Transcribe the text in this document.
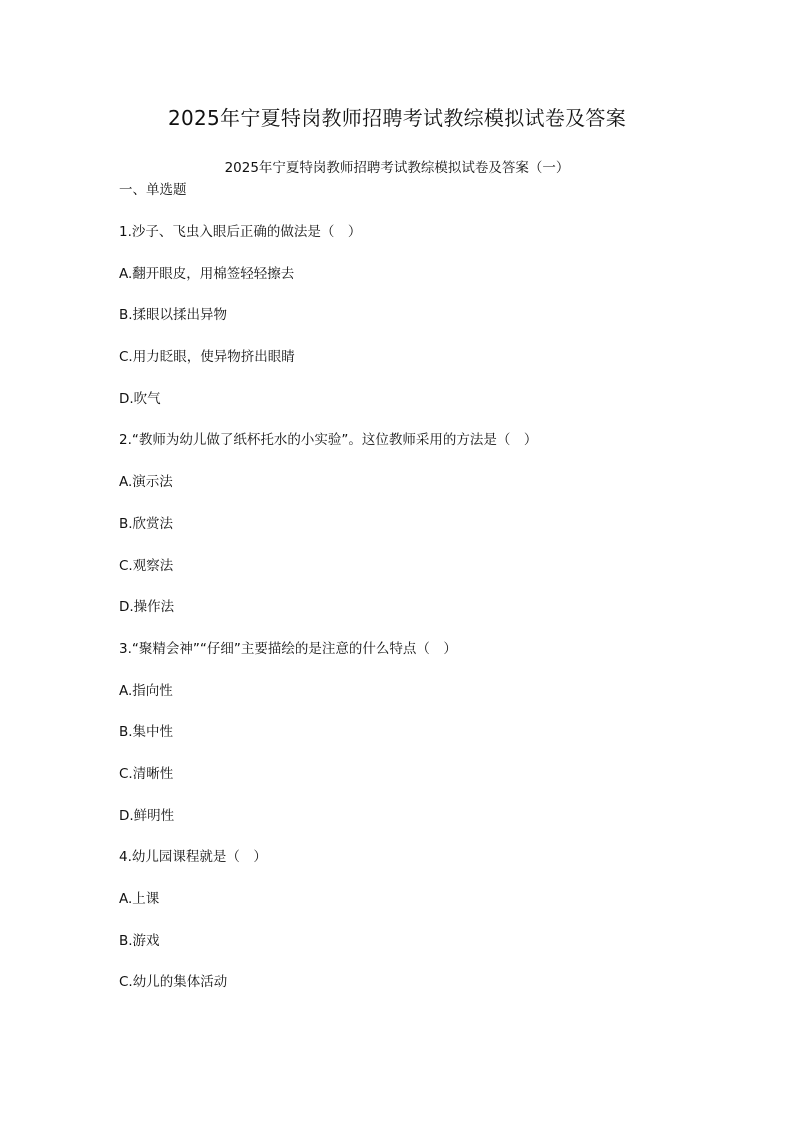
2025年宁夏特岗教师招聘考试教综模拟试卷及答案
2025年宁夏特岗教师招聘考试教综模拟试卷及答案（一）
一、单选题
1.沙子、飞虫入眼后正确的做法是（　）
A.翻开眼皮，用棉签轻轻擦去
B.揉眼以揉出异物
C.用力眨眼，使异物挤出眼睛
D.吹气
2.“教师为幼儿做了纸杯托水的小实验”。这位教师采用的方法是（　）
A.演示法
B.欣赏法
C.观察法
D.操作法
3.“聚精会神”“仔细”主要描绘的是注意的什么特点（　）
A.指向性
B.集中性
C.清晰性
D.鲜明性
4.幼儿园课程就是（　）
A.上课
B.游戏
C.幼儿的集体活动
